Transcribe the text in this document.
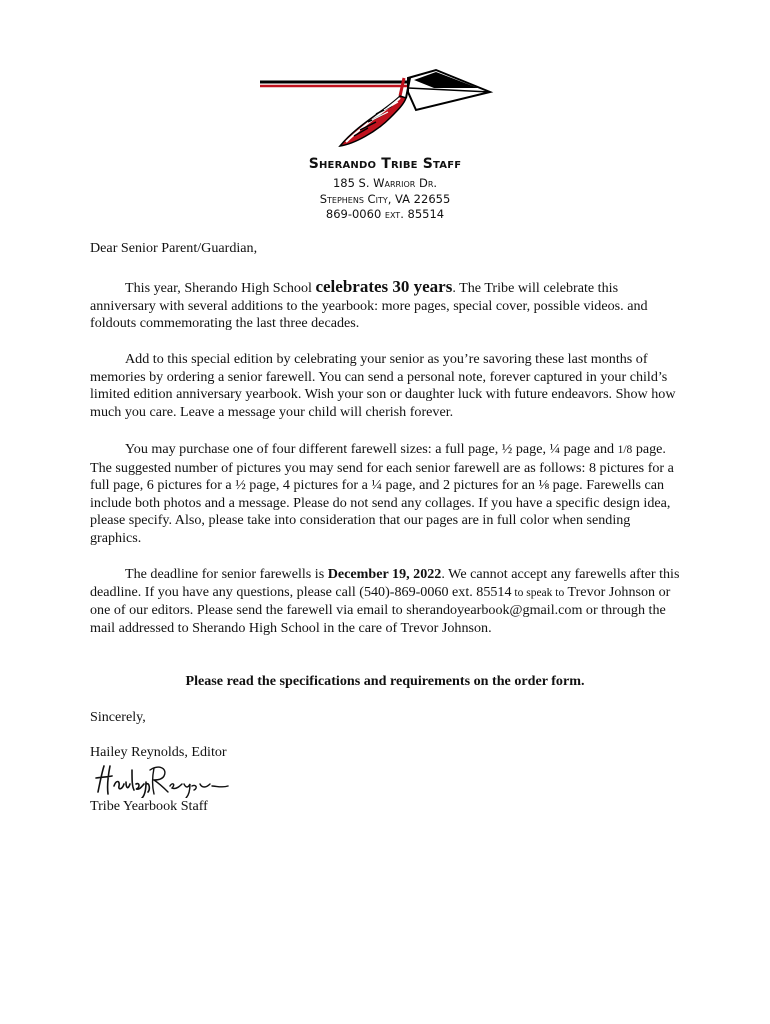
Sherando Tribe Staff
185 S. Warrior Dr.
Stephens City, VA 22655
869-0060 ext. 85514
Dear Senior Parent/Guardian,

This year, Sherando High School celebrates 30 years. The Tribe will celebrate this anniversary with several additions to the yearbook: more pages, special cover, possible videos. and foldouts commemorating the last three decades.

Add to this special edition by celebrating your senior as you’re savoring these last months of memories by ordering a senior farewell. You can send a personal note, forever captured in your child’s limited edition anniversary yearbook. Wish your son or daughter luck with future endeavors. Show how much you care. Leave a message your child will cherish forever.

You may purchase one of four different farewell sizes: a full page, ½ page, ¼ page and 1/8 page. The suggested number of pictures you may send for each senior farewell are as follows: 8 pictures for a full page, 6 pictures for a ½ page, 4 pictures for a ¼ page, and 2 pictures for an ⅛ page. Farewells can include both photos and a message. Please do not send any collages. If you have a specific design idea, please specify. Also, please take into consideration that our pages are in full color when sending graphics.

The deadline for senior farewells is December 19, 2022. We cannot accept any farewells after this deadline. If you have any questions, please call (540)-869-0060 ext. 85514 to speak to Trevor Johnson or one of our editors. Please send the farewell via email to sherandoyearbook@gmail.com or through the mail addressed to Sherando High School in the care of Trevor Johnson.

Please read the specifications and requirements on the order form.
Sincerely,
Hailey Reynolds, Editor
Tribe Yearbook Staff
